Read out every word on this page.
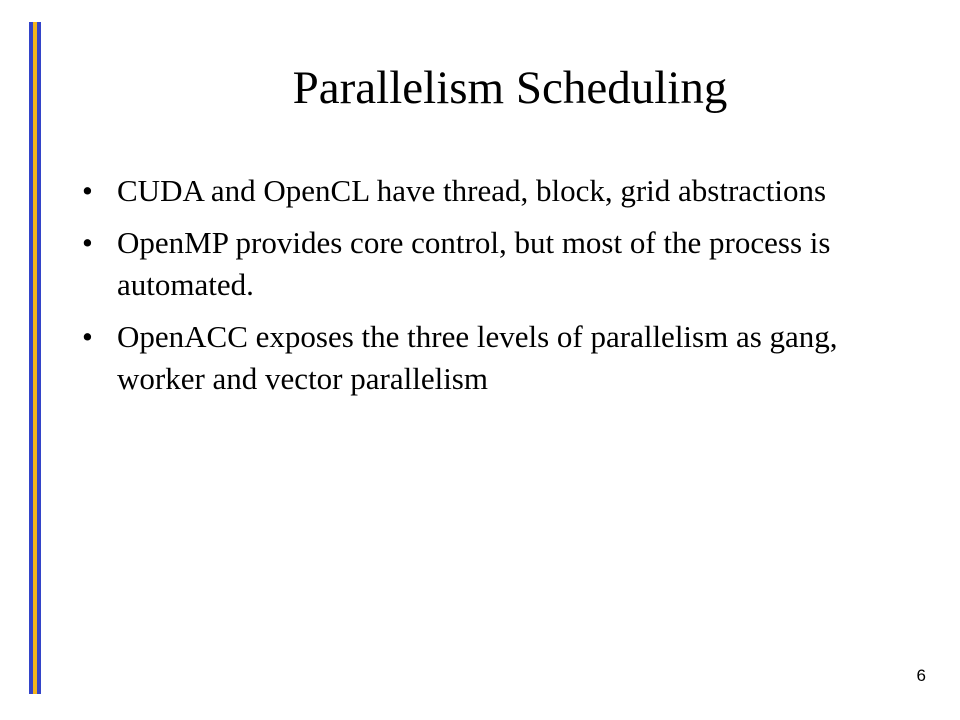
Parallelism Scheduling
• CUDA and OpenCL have thread, block, grid abstractions
• OpenMP provides core control, but most of the process is automated.
• OpenACC exposes the three levels of parallelism as gang, worker and vector parallelism
6
